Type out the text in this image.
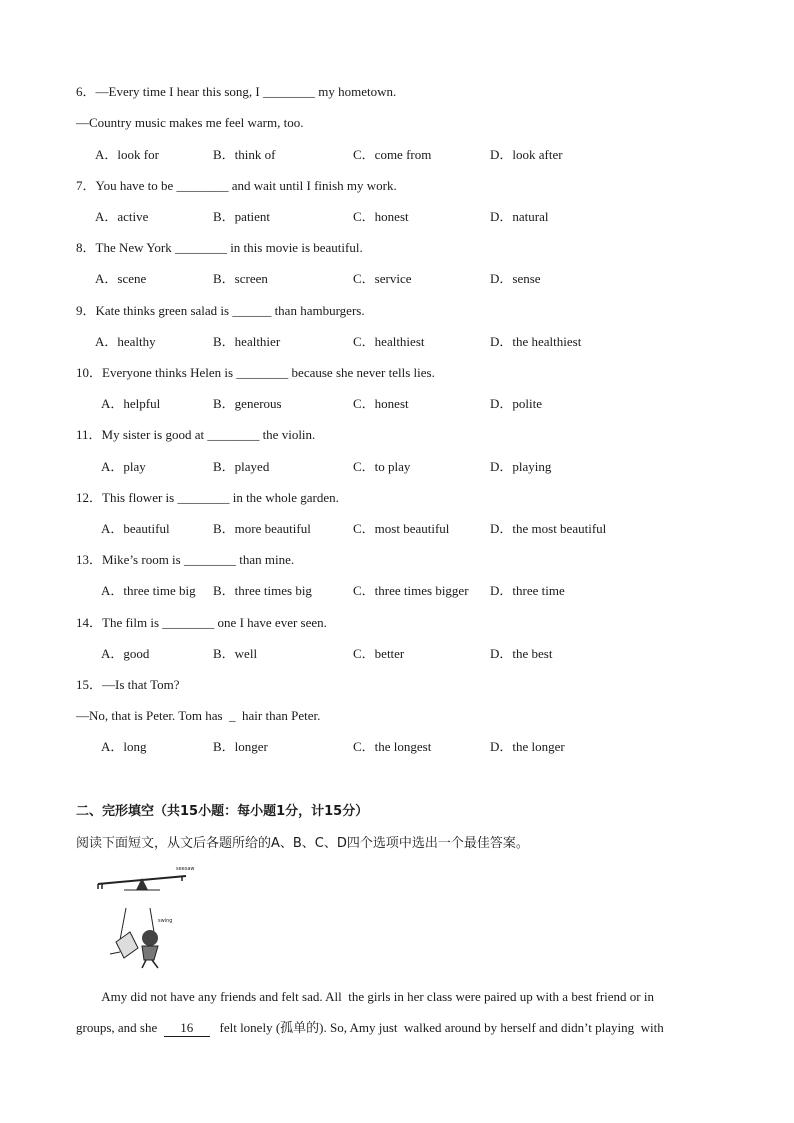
6．—Every time I hear this song, I ________ my hometown.
—Country music makes me feel warm, too.
A．look for	B．think of	C．come from	D．look after
7．You have to be ________ and wait until I finish my work.
A．active	B．patient	C．honest	D．natural
8．The New York ________ in this movie is beautiful.
A．scene	B．screen	C．service	D．sense
9．Kate thinks green salad is ______ than hamburgers.
A．healthy	B．healthier	C．healthiest	D．the healthiest
10．Everyone thinks Helen is ________ because she never tells lies.
A．helpful	B．generous	C．honest	D．polite
11．My sister is good at ________ the violin.
A．play	B．played	C．to play	D．playing
12．This flower is ________ in the whole garden.
A．beautiful	B．more beautiful	C．most beautiful	D．the most beautiful
13．Mike’s room is ________ than mine.
A．three time big B．three times big	C．three times bigger D．three time
14．The film is ________ one I have ever seen.
A．good	B．well	C．better	D．the best
15．—Is that Tom?
—No, that is Peter. Tom has  _  hair than Peter.
A．long	B．longer	C．the longest	D．the longer
二、完形填空（共15小题：每小题1分，计15分）
阅读下面短文，从文后各题所给的A、B、C、D四个选项中选出一个最佳答案。
seesaw
swing
Amy did not have any friends and felt sad. All  the girls in her class were paired up with a best friend or in
groups, and she  16   felt lonely (孤单的). So, Amy just  walked around by herself and didn’t playing  with
